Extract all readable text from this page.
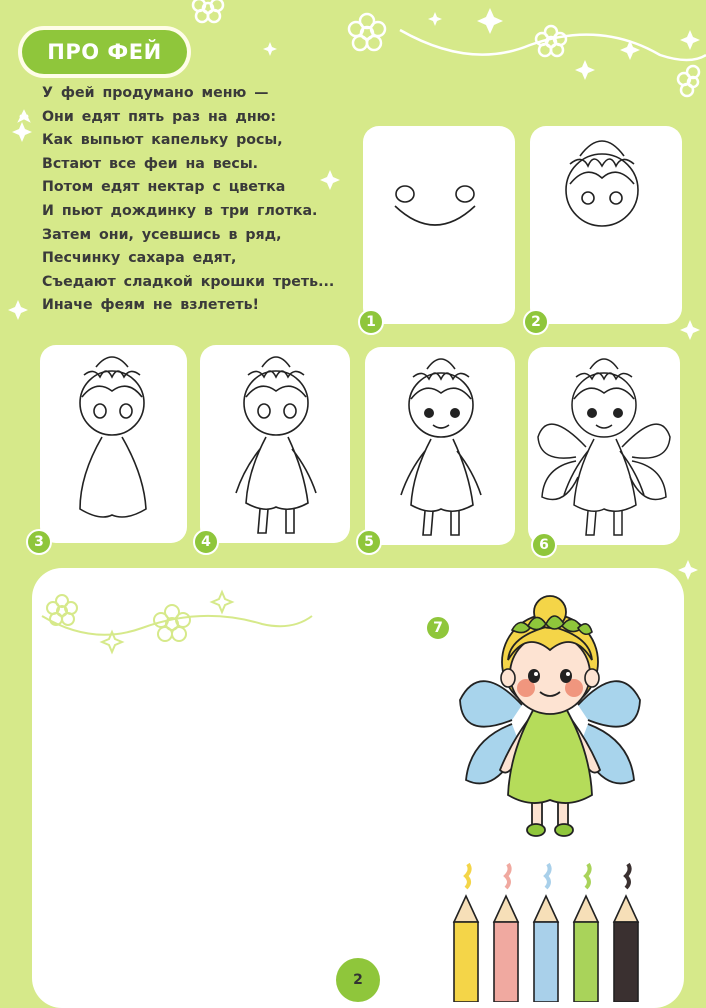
ПРО ФЕЙ
У фей продумано меню —
Они едят пять раз на дню:
Как выпьют капельку росы,
Встают все феи на весы.
Потом едят нектар с цветка
И пьют дождинку в три глотка.
Затем они, усевшись в ряд,
Песчинку сахара едят,
Съедают сладкой крошки треть...
Иначе феям не взлететь!
1	2
3	4	5	6
7
2
